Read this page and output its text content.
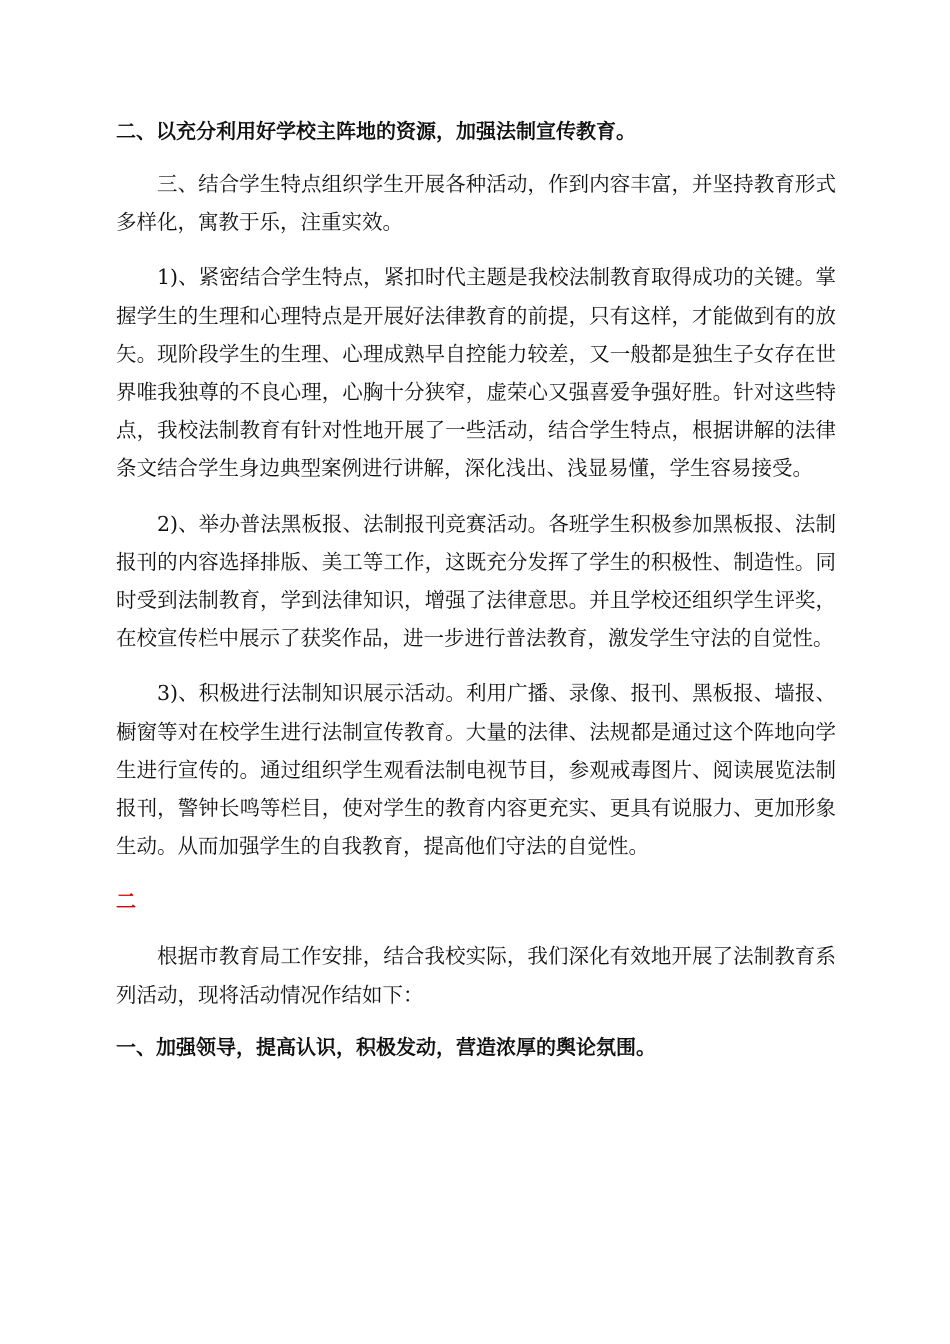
二、以充分利用好学校主阵地的资源，加强法制宣传教育。

三、结合学生特点组织学生开展各种活动，作到内容丰富，并坚持教育形式多样化，寓教于乐，注重实效。

1)、紧密结合学生特点，紧扣时代主题是我校法制教育取得成功的关键。掌握学生的生理和心理特点是开展好法律教育的前提，只有这样，才能做到有的放矢。现阶段学生的生理、心理成熟早自控能力较差，又一般都是独生子女存在世界唯我独尊的不良心理，心胸十分狭窄，虚荣心又强喜爱争强好胜。针对这些特点，我校法制教育有针对性地开展了一些活动，结合学生特点，根据讲解的法律条文结合学生身边典型案例进行讲解，深化浅出、浅显易懂，学生容易接受。

2)、举办普法黑板报、法制报刊竞赛活动。各班学生积极参加黑板报、法制报刊的内容选择排版、美工等工作，这既充分发挥了学生的积极性、制造性。同时受到法制教育，学到法律知识，增强了法律意思。并且学校还组织学生评奖，在校宣传栏中展示了获奖作品，进一步进行普法教育，激发学生守法的自觉性。

3)、积极进行法制知识展示活动。利用广播、录像、报刊、黑板报、墙报、橱窗等对在校学生进行法制宣传教育。大量的法律、法规都是通过这个阵地向学生进行宣传的。通过组织学生观看法制电视节目，参观戒毒图片、阅读展览法制报刊，警钟长鸣等栏目，使对学生的教育内容更充实、更具有说服力、更加形象生动。从而加强学生的自我教育，提高他们守法的自觉性。

二

根据市教育局工作安排，结合我校实际，我们深化有效地开展了法制教育系列活动，现将活动情况作结如下：

一、加强领导，提高认识，积极发动，营造浓厚的舆论氛围。
